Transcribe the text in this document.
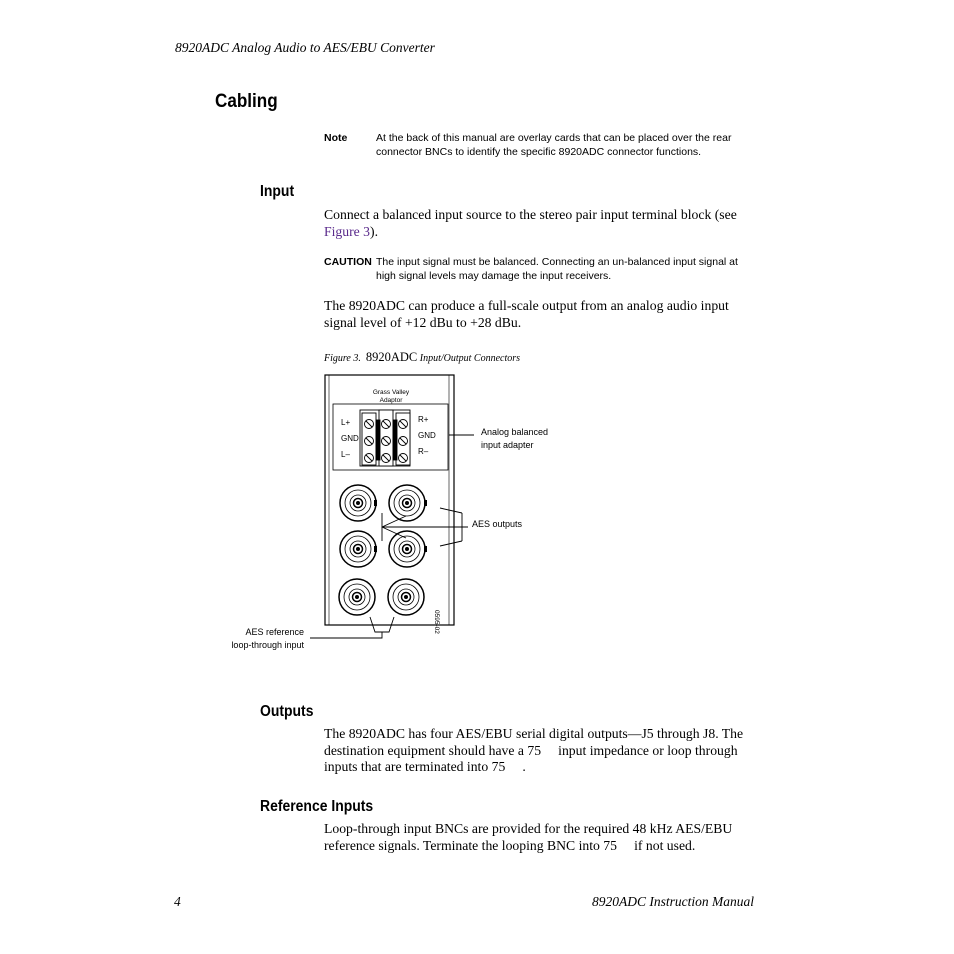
8920ADC Analog Audio to AES/EBU Converter
Cabling
Note	At the back of this manual are overlay cards that can be placed over the rear connector BNCs to identify the specific 8920ADC connector functions.
Input
Connect a balanced input source to the stereo pair input terminal block (see Figure 3).
CAUTION The input signal must be balanced. Connecting an un-balanced input signal at high signal levels may damage the input receivers.
The 8920ADC can produce a full-scale output from an analog audio input signal level of +12 dBu to +28 dBu.
Figure 3. 8920ADC Input/Output Connectors
Grass Valley
Adaptor
L+
GND
L–
R+
GND
R–
Analog balanced
input adapter
AES outputs
AES reference
loop-through input
0595-02
Outputs
The 8920ADC has four AES/EBU serial digital outputs—J5 through J8. The destination equipment should have a 75     input impedance or loop through inputs that are terminated into 75     .
Reference Inputs
Loop-through input BNCs are provided for the required 48 kHz AES/EBU reference signals. Terminate the looping BNC into 75     if not used.
4	8920ADC Instruction Manual
